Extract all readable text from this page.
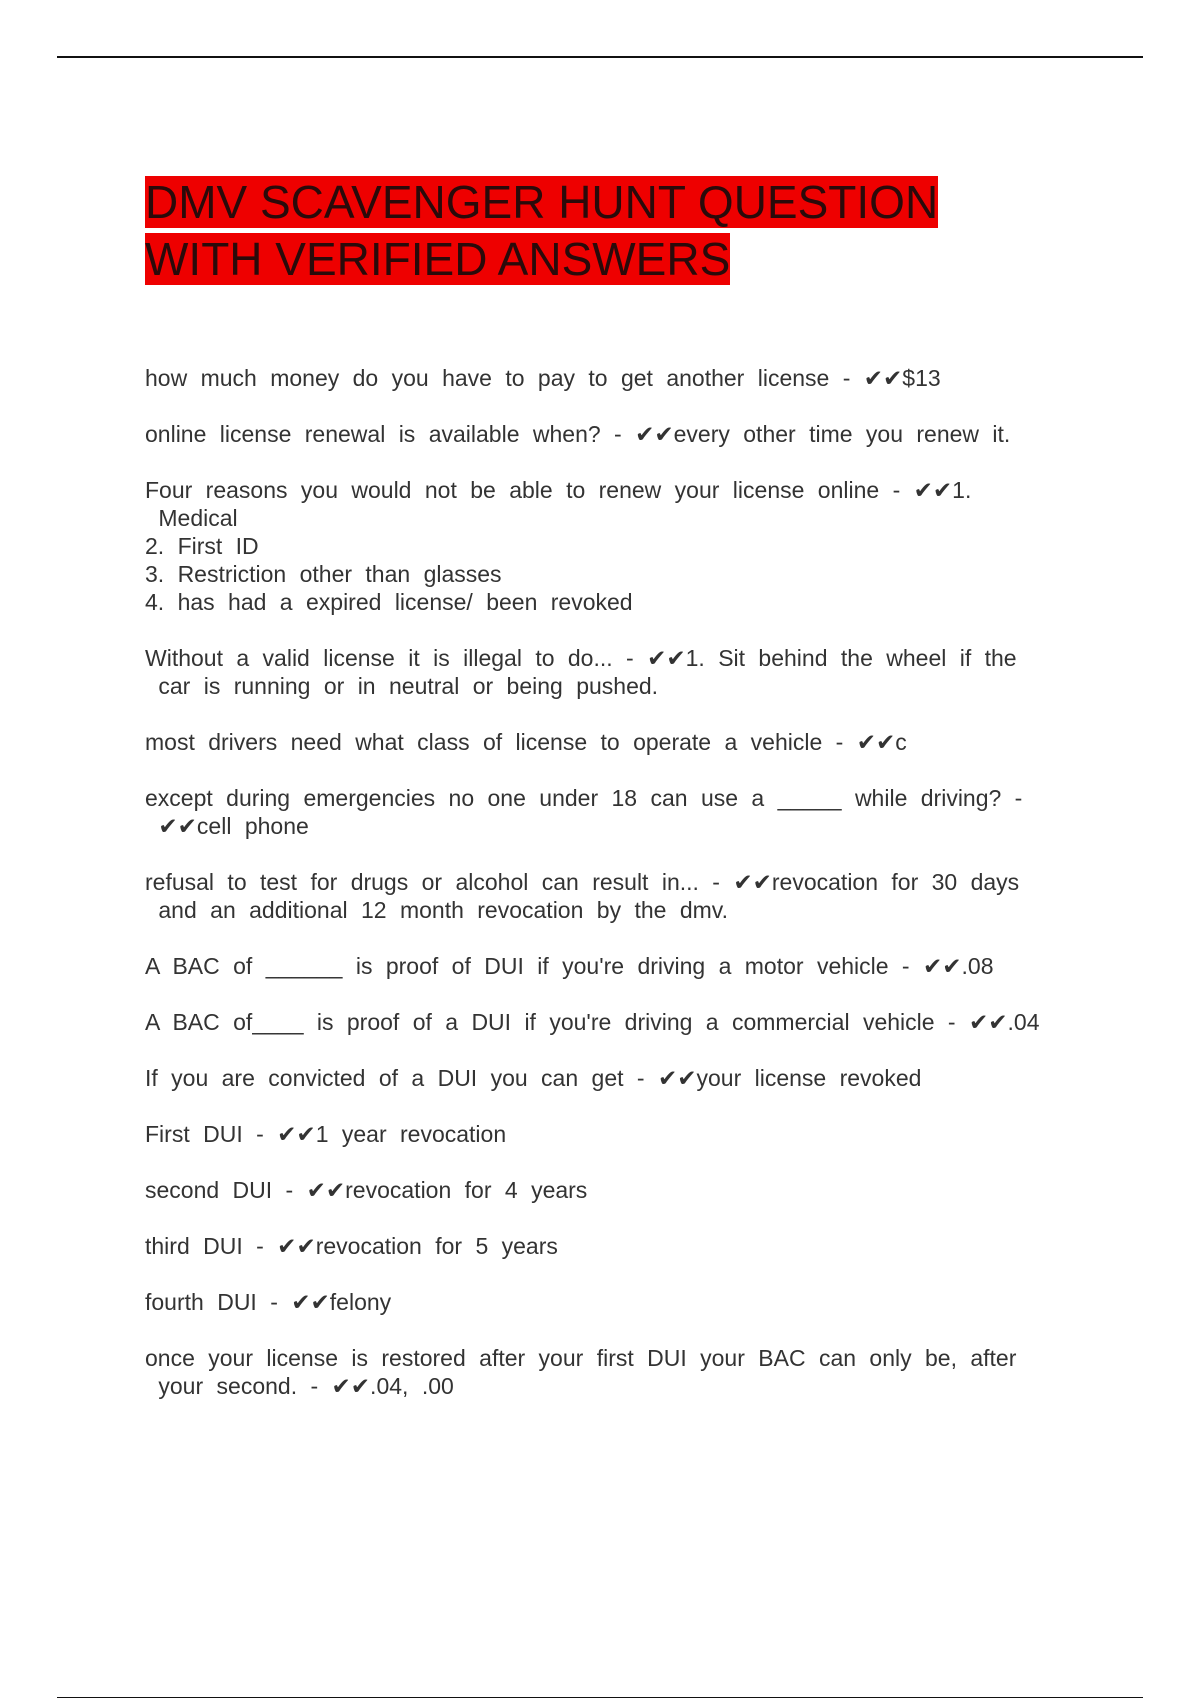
DMV SCAVENGER HUNT QUESTION
WITH VERIFIED ANSWERS
how much money do you have to pay to get another license - ✔✔$13
online license renewal is available when? - ✔✔every other time you renew it.
Four reasons you would not be able to renew your license online - ✔✔1.
Medical
2. First ID
3. Restriction other than glasses
4. has had a expired license/ been revoked
Without a valid license it is illegal to do... - ✔✔1. Sit behind the wheel if the
car is running or in neutral or being pushed.
most drivers need what class of license to operate a vehicle - ✔✔c
except during emergencies no one under 18 can use a _____ while driving? -
✔✔cell phone
refusal to test for drugs or alcohol can result in... - ✔✔revocation for 30 days
and an additional 12 month revocation by the dmv.
A BAC of ______ is proof of DUI if you're driving a motor vehicle - ✔✔.08
A BAC of____ is proof of a DUI if you're driving a commercial vehicle - ✔✔.04
If you are convicted of a DUI you can get - ✔✔your license revoked
First DUI - ✔✔1 year revocation
second DUI - ✔✔revocation for 4 years
third DUI - ✔✔revocation for 5 years
fourth DUI - ✔✔felony
once your license is restored after your first DUI your BAC can only be, after
your second. - ✔✔.04, .00
